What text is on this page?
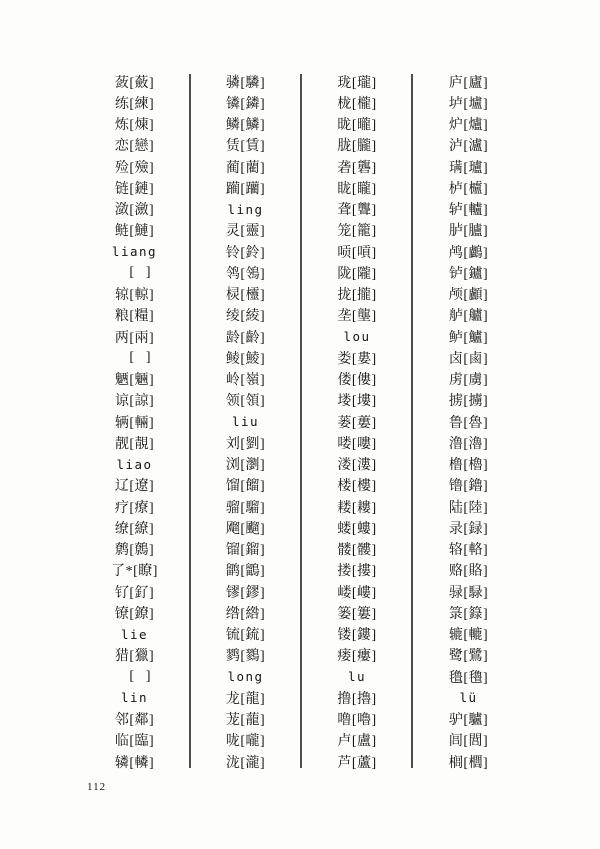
蔹[蘞]
练[練]
炼[煉]
恋[戀]
殓[殮]
链[鏈]
潋[瀲]
鲢[鰱]
liang
𫄳[綡]
辌[輬]
粮[糧]
两[兩]
𫇴[䓣]
魉[魎]
谅[諒]
辆[輛]
靓[靚]
liao
辽[遼]
疗[療]
缭[繚]
鹩[鷯]
了*[瞭]
钌[釕]
镣[鐐]
lie
猎[獵]
𫚬[鱲]
lin
邻[鄰]
临[臨]
辚[轔]
𬴊[驎]
𬭸[鏻]
鳞[鱗]
赁[賃]
蔺[藺]
躏[躪]
ling
灵[靈]
铃[鈴]
鸰[鴒]
棂[欞]
绫[綾]
龄[齡]
鲮[鯪]
岭[嶺]
领[領]
liu
刘[劉]
浏[瀏]
馏[餾]
骝[騮]
飗[飀]
镏[鎦]
鹠[鶹]
镠[鏐]
绺[綹]
锍[鋶]
鹨[鷚]
long
龙[龍]
茏[蘢]
咙[嚨]
泷[瀧]
珑[瓏]
栊[櫳]
昽[曨]
胧[朧]
砻[礱]
眬[矓]
聋[聾]
笼[籠]
唝[嗊]
陇[隴]
拢[攏]
垄[壟]
lou
娄[婁]
偻[僂]
𪣻[塿]
蒌[蔞]
喽[嘍]
溇[漊]
楼[樓]
耧[耬]
蝼[螻]
髅[髏]
搂[摟]
嵝[嶁]
篓[簍]
镂[鏤]
瘘[瘻]
lu
撸[擼]
噜[嚕]
卢[盧]
芦[蘆]
庐[廬]
垆[壚]
炉[爐]
泸[瀘]
𫞩[瓐]
栌[櫨]
轳[轤]
胪[臚]
鸬[鸕]
𬬻[鑪]
颅[顱]
舻[艫]
鲈[鱸]
卤[鹵]
虏[虜]
掳[擄]
鲁[魯]
澛[瀂]
橹[櫓]
镥[鑥]
陆[陸]
录[録]
辂[輅]
赂[賂]
𫘧[騄]
箓[籙]
辘[轆]
鹭[鷺]
氇[氌]
lü
驴[驢]
闾[閭]
榈[櫚]
112
